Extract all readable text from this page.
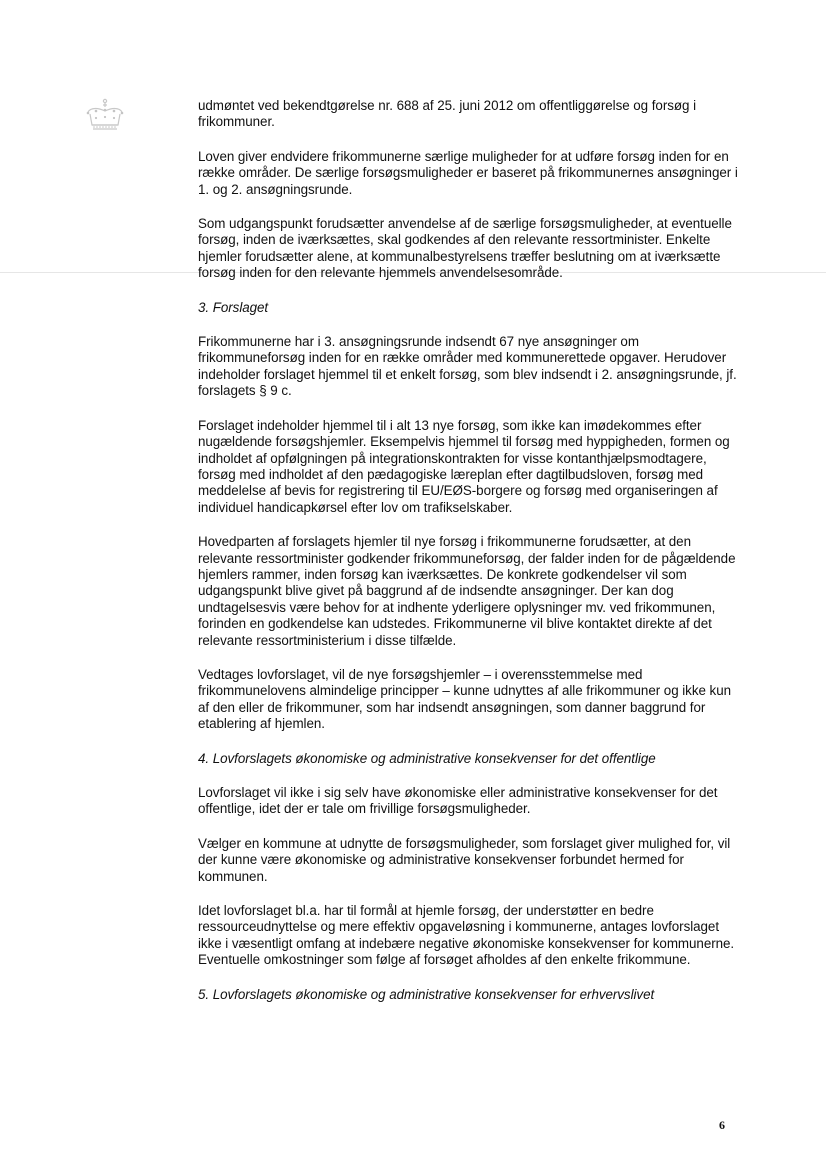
udmøntet ved bekendtgørelse nr. 688 af 25. juni 2012 om offentliggørelse og forsøg i frikommuner.

Loven giver endvidere frikommunerne særlige muligheder for at udføre forsøg inden for en række områder. De særlige forsøgsmuligheder er baseret på frikommunernes ansøgninger i 1. og 2. ansøgningsrunde.

Som udgangspunkt forudsætter anvendelse af de særlige forsøgsmuligheder, at eventuelle forsøg, inden de iværksættes, skal godkendes af den relevante ressortminister. Enkelte hjemler forudsætter alene, at kommunalbestyrelsens træffer beslutning om at iværksætte forsøg inden for den relevante hjemmels anvendelsesområde.

3. Forslaget

Frikommunerne har i 3. ansøgningsrunde indsendt 67 nye ansøgninger om frikommuneforsøg inden for en række områder med kommunerettede opgaver. Herudover indeholder forslaget hjemmel til et enkelt forsøg, som blev indsendt i 2. ansøgningsrunde, jf. forslagets § 9 c.

Forslaget indeholder hjemmel til i alt 13 nye forsøg, som ikke kan imødekommes efter nugældende forsøgshjemler. Eksempelvis hjemmel til forsøg med hyppigheden, formen og indholdet af opfølgningen på integrationskontrakten for visse kontanthjælpsmodtagere, forsøg med indholdet af den pædagogiske læreplan efter dagtilbudsloven, forsøg med meddelelse af bevis for registrering til EU/EØS-borgere og forsøg med organiseringen af individuel handicapkørsel efter lov om trafikselskaber.

Hovedparten af forslagets hjemler til nye forsøg i frikommunerne forudsætter, at den relevante ressortminister godkender frikommuneforsøg, der falder inden for de pågældende hjemlers rammer, inden forsøg kan iværksættes. De konkrete godkendelser vil som udgangspunkt blive givet på baggrund af de indsendte ansøgninger. Der kan dog undtagelsesvis være behov for at indhente yderligere oplysninger mv. ved frikommunen, forinden en godkendelse kan udstedes. Frikommunerne vil blive kontaktet direkte af det relevante ressortministerium i disse tilfælde.

Vedtages lovforslaget, vil de nye forsøgshjemler – i overensstemmelse med frikommunelovens almindelige principper – kunne udnyttes af alle frikommuner og ikke kun af den eller de frikommuner, som har indsendt ansøgningen, som danner baggrund for etablering af hjemlen.

4. Lovforslagets økonomiske og administrative konsekvenser for det offentlige

Lovforslaget vil ikke i sig selv have økonomiske eller administrative konsekvenser for det offentlige, idet der er tale om frivillige forsøgsmuligheder.

Vælger en kommune at udnytte de forsøgsmuligheder, som forslaget giver mulighed for, vil der kunne være økonomiske og administrative konsekvenser forbundet hermed for kommunen.

Idet lovforslaget bl.a. har til formål at hjemle forsøg, der understøtter en bedre ressourceudnyttelse og mere effektiv opgaveløsning i kommunerne, antages lovforslaget ikke i væsentligt omfang at indebære negative økonomiske konsekvenser for kommunerne. Eventuelle omkostninger som følge af forsøget afholdes af den enkelte frikommune.

5. Lovforslagets økonomiske og administrative konsekvenser for erhvervslivet
6
